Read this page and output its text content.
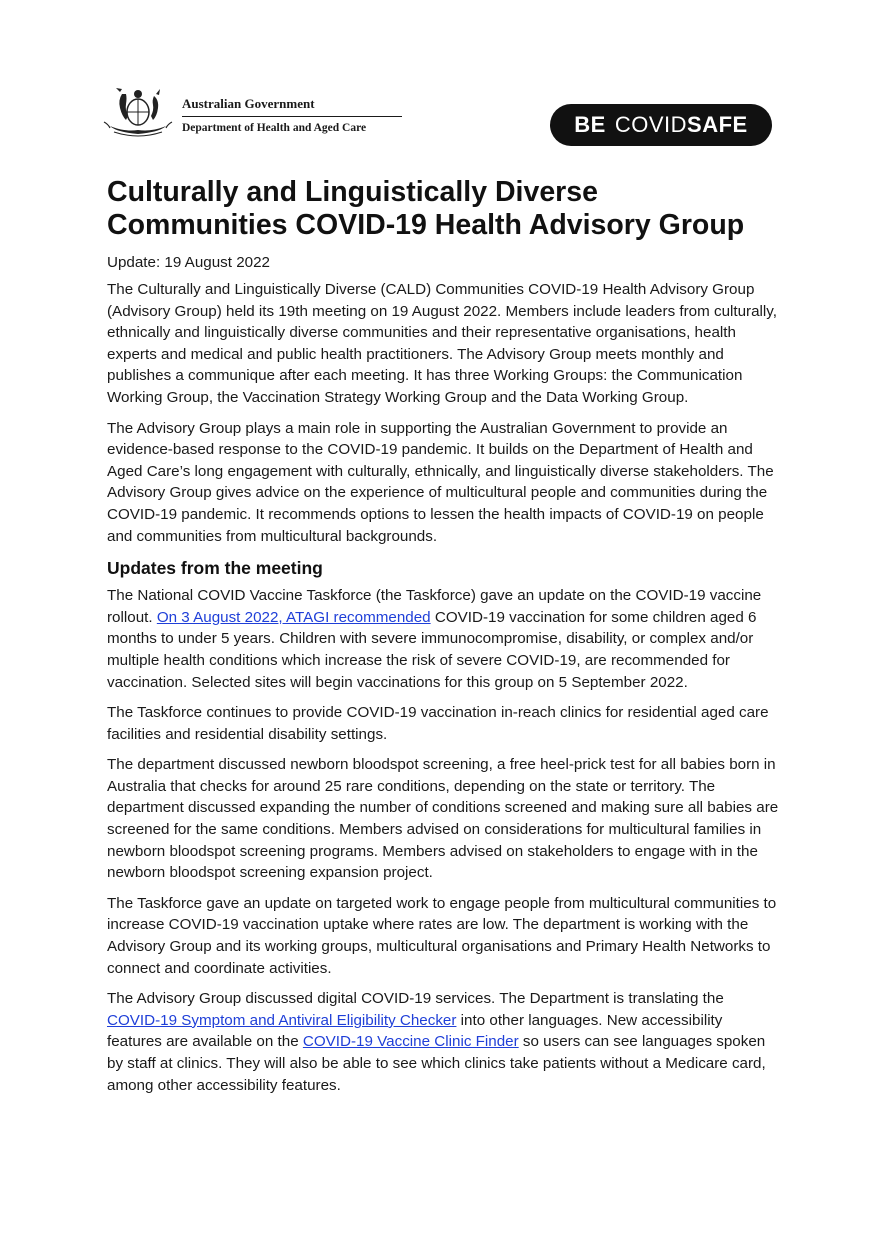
Australian Government
Department of Health and Aged Care	BE COVID SAFE
Culturally and Linguistically Diverse Communities COVID-19 Health Advisory Group
Update: 19 August 2022

The Culturally and Linguistically Diverse (CALD) Communities COVID-19 Health Advisory Group (Advisory Group) held its 19th meeting on 19 August 2022. Members include leaders from culturally, ethnically and linguistically diverse communities and their representative organisations, health experts and medical and public health practitioners. The Advisory Group meets monthly and publishes a communique after each meeting. It has three Working Groups: the Communication Working Group, the Vaccination Strategy Working Group and the Data Working Group.

The Advisory Group plays a main role in supporting the Australian Government to provide an evidence-based response to the COVID-19 pandemic. It builds on the Department of Health and Aged Care’s long engagement with culturally, ethnically, and linguistically diverse stakeholders. The Advisory Group gives advice on the experience of multicultural people and communities during the COVID-19 pandemic. It recommends options to lessen the health impacts of COVID-19 on people and communities from multicultural backgrounds.

Updates from the meeting

The National COVID Vaccine Taskforce (the Taskforce) gave an update on the COVID-19 vaccine rollout. On 3 August 2022, ATAGI recommended COVID-19 vaccination for some children aged 6 months to under 5 years. Children with severe immunocompromise, disability, or complex and/or multiple health conditions which increase the risk of severe COVID-19, are recommended for vaccination. Selected sites will begin vaccinations for this group on 5 September 2022.

The Taskforce continues to provide COVID-19 vaccination in-reach clinics for residential aged care facilities and residential disability settings.

The department discussed newborn bloodspot screening, a free heel-prick test for all babies born in Australia that checks for around 25 rare conditions, depending on the state or territory. The department discussed expanding the number of conditions screened and making sure all babies are screened for the same conditions. Members advised on considerations for multicultural families in newborn bloodspot screening programs. Members advised on stakeholders to engage with in the newborn bloodspot screening expansion project.

The Taskforce gave an update on targeted work to engage people from multicultural communities to increase COVID-19 vaccination uptake where rates are low. The department is working with the Advisory Group and its working groups, multicultural organisations and Primary Health Networks to connect and coordinate activities.

The Advisory Group discussed digital COVID-19 services. The Department is translating the COVID-19 Symptom and Antiviral Eligibility Checker into other languages. New accessibility features are available on the COVID-19 Vaccine Clinic Finder so users can see languages spoken by staff at clinics. They will also be able to see which clinics take patients without a Medicare card, among other accessibility features.
